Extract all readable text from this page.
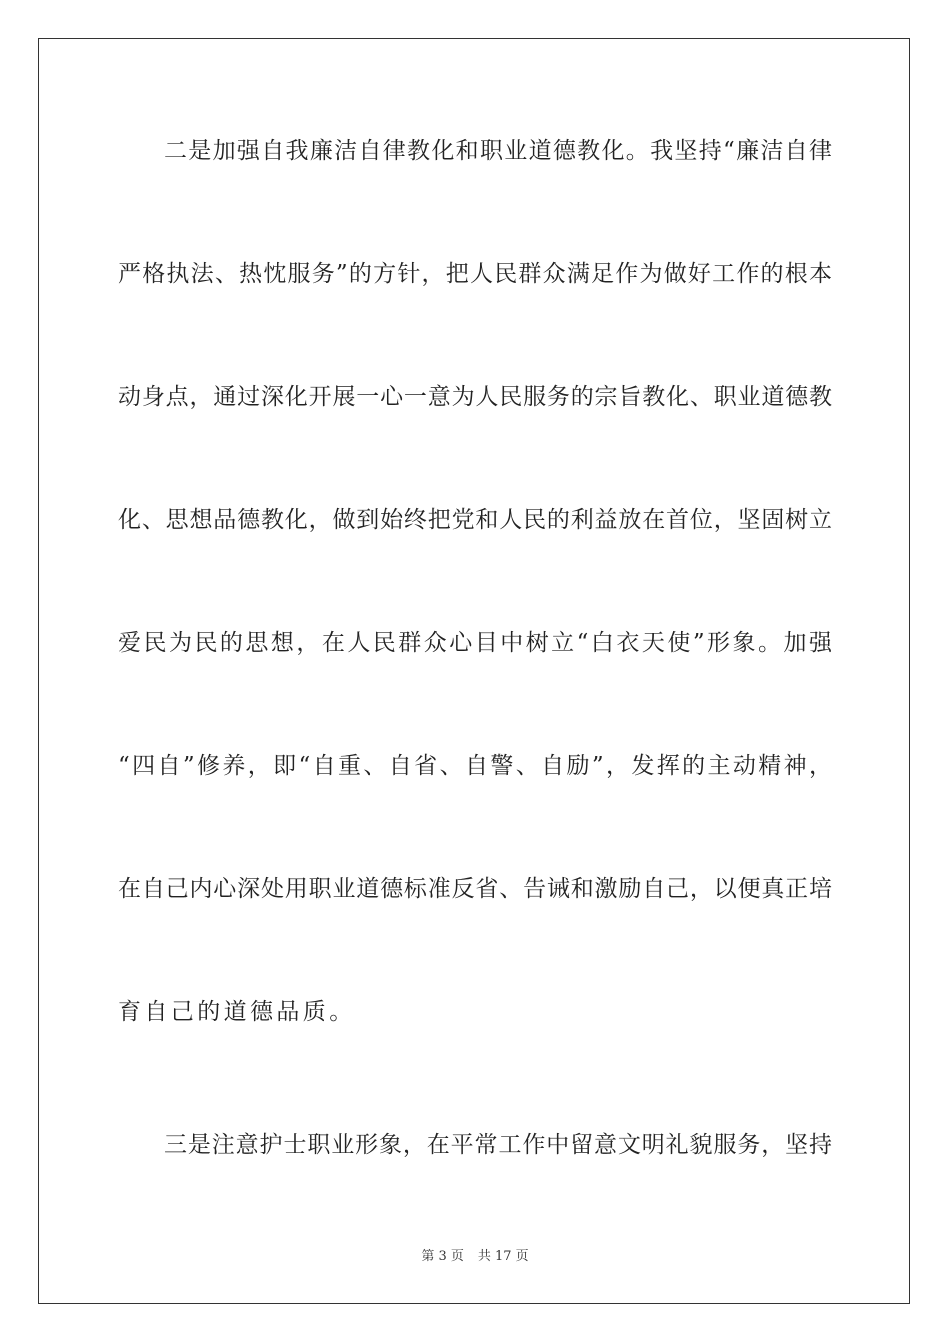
二是加强自我廉洁自律教化和职业道德教化。我坚持“廉洁自律
严格执法、热忱服务”的方针，把人民群众满足作为做好工作的根本
动身点，通过深化开展一心一意为人民服务的宗旨教化、职业道德教
化、思想品德教化，做到始终把党和人民的利益放在首位，坚固树立
爱民为民的思想，在人民群众心目中树立“白衣天使”形象。加强
“四自”修养，即“自重、自省、自警、自励”，发挥的主动精神，
在自己内心深处用职业道德标准反省、告诫和激励自己，以便真正培
育自己的道德品质。
三是注意护士职业形象，在平常工作中留意文明礼貌服务，坚持
第 3 页 共 17 页
